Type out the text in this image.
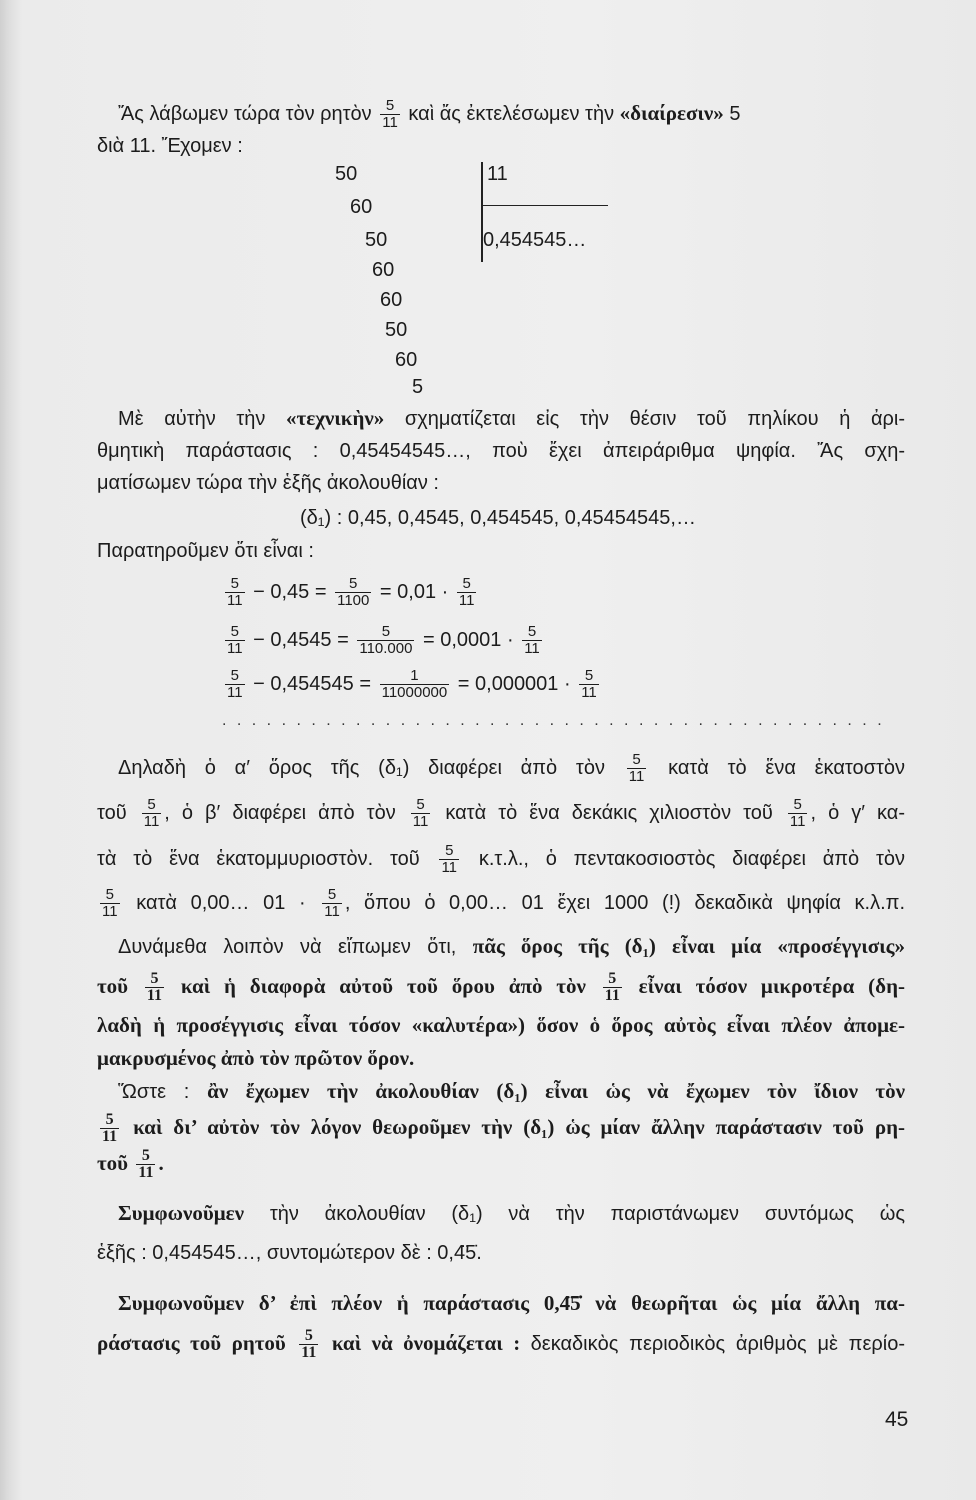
11
0,454545…
50
60
50
60
60
50
60
5
. . . . . . . . . . . . . . . . . . . . . . . . . . . . . . . . . . . . . . . . . . . . .
45
Ἄς λάβωμεν τώρα τὸν ρητὸν $\frac{5}{11}$ καὶ ἄς ἐκτελέσωμεν τὴν «διαίρεσιν» 5
διὰ 11. Ἔχομεν :
Μὲ αὐτὴν τὴν «τεχνικὴν» σχηματίζεται εἰς τὴν θέσιν τοῦ πηλίκου ἡ ἀρι-
θμητικὴ παράστασις : 0,45454545…, ποὺ ἔχει ἀπειράριθμα ψηφία. Ἄς σχη-
ματίσωμεν τώρα τὴν ἑξῆς ἀκολουθίαν :
(δ₁) : 0,45, 0,4545, 0,454545, 0,45454545,…
Παρατηροῦμεν ὅτι εἶναι :
$\frac{5}{11} - 0,45 = \frac{5}{1100} = 0,01 \cdot \frac{5}{11}$
$\frac{5}{11} - 0,4545 = \frac{5}{110.000} = 0,0001 \cdot \frac{5}{11}$
$\frac{5}{11} - 0,454545 = \frac{1}{11000000} = 0,000001 \cdot \frac{5}{11}$
Δηλαδὴ ὁ α′ ὅρος τῆς (δ₁) διαφέρει ἀπὸ τὸν $\frac{5}{11}$ κατὰ τὸ ἕνα ἑκατοστὸν
τοῦ $\frac{5}{11}$ , ὁ β′ διαφέρει ἀπὸ τὸν $\frac{5}{11}$ κατὰ τὸ ἕνα δεκάκις χιλιοστὸν τοῦ $\frac{5}{11}$ , ὁ γ′ κα-
τὰ τὸ ἕνα ἑκατομμυριοστὸν. τοῦ $\frac{5}{11} \kappa.\tau.\lambda$., ὁ πεντακοσιοστὸς διαφέρει ἀπὸ τὸν
$\frac{5}{11}$ κατὰ 0,00… $01 \cdot \frac{5}{11}$ , ὅπου ὁ 0,00… 01 ἔχει 1000 (!) δεκαδικὰ ψηφία κ.λ.π.
Δυνάμεθα λοιπὸν νὰ εἴπωμεν ὅτι, πᾶς ὅρος τῆς (δ₁) εἶναι μία «προσέγγισις»
τοῦ $\frac{5}{11}$ καὶ ἡ διαφορὰ αὐτοῦ τοῦ ὅρου ἀπὸ τὸν $\frac{5}{11}$ εἶναι τόσον μικροτέρα (δη-
λαδὴ ἡ προσέγγισις εἶναι τόσον «καλυτέρα») ὅσον ὁ ὅρος αὐτὸς εἶναι πλέον ἀπομε-
μακρυσμένος ἀπὸ τὸν πρῶτον ὅρον.
Ὥστε : ἂν ἔχωμεν τὴν ἀκολουθίαν (δ₁) εἶναι ὡς νὰ ἔχωμεν τὸν ἴδιον τὸν
$\frac{5}{11}$ καὶ δι’ αὐτὸν τὸν λόγον θεωροῦμεν τὴν (δ₁) ὡς μίαν ἄλλην παράστασιν τοῦ ρη-
τοῦ $\frac{5}{11}$ .
Συμφωνοῦμεν τὴν ἀκολουθίαν (δ₁) νὰ τὴν παριστάνωμεν συντόμως ὡς
ἑξῆς : 0,454545…, συντομώτερον δὲ : 0,4̈5̇.
Συμφωνοῦμεν δ’ ἐπὶ πλέον ἡ παράστασις 0,4̈5̇ νὰ θεωρῆται ὡς μία ἄλλη πα-
ράστασις τοῦ ρητοῦ $\frac{5}{11}$ καὶ νὰ ὀνομάζεται : δεκαδικὸς περιοδικὸς ἀριθμὸς μὲ περίο-
